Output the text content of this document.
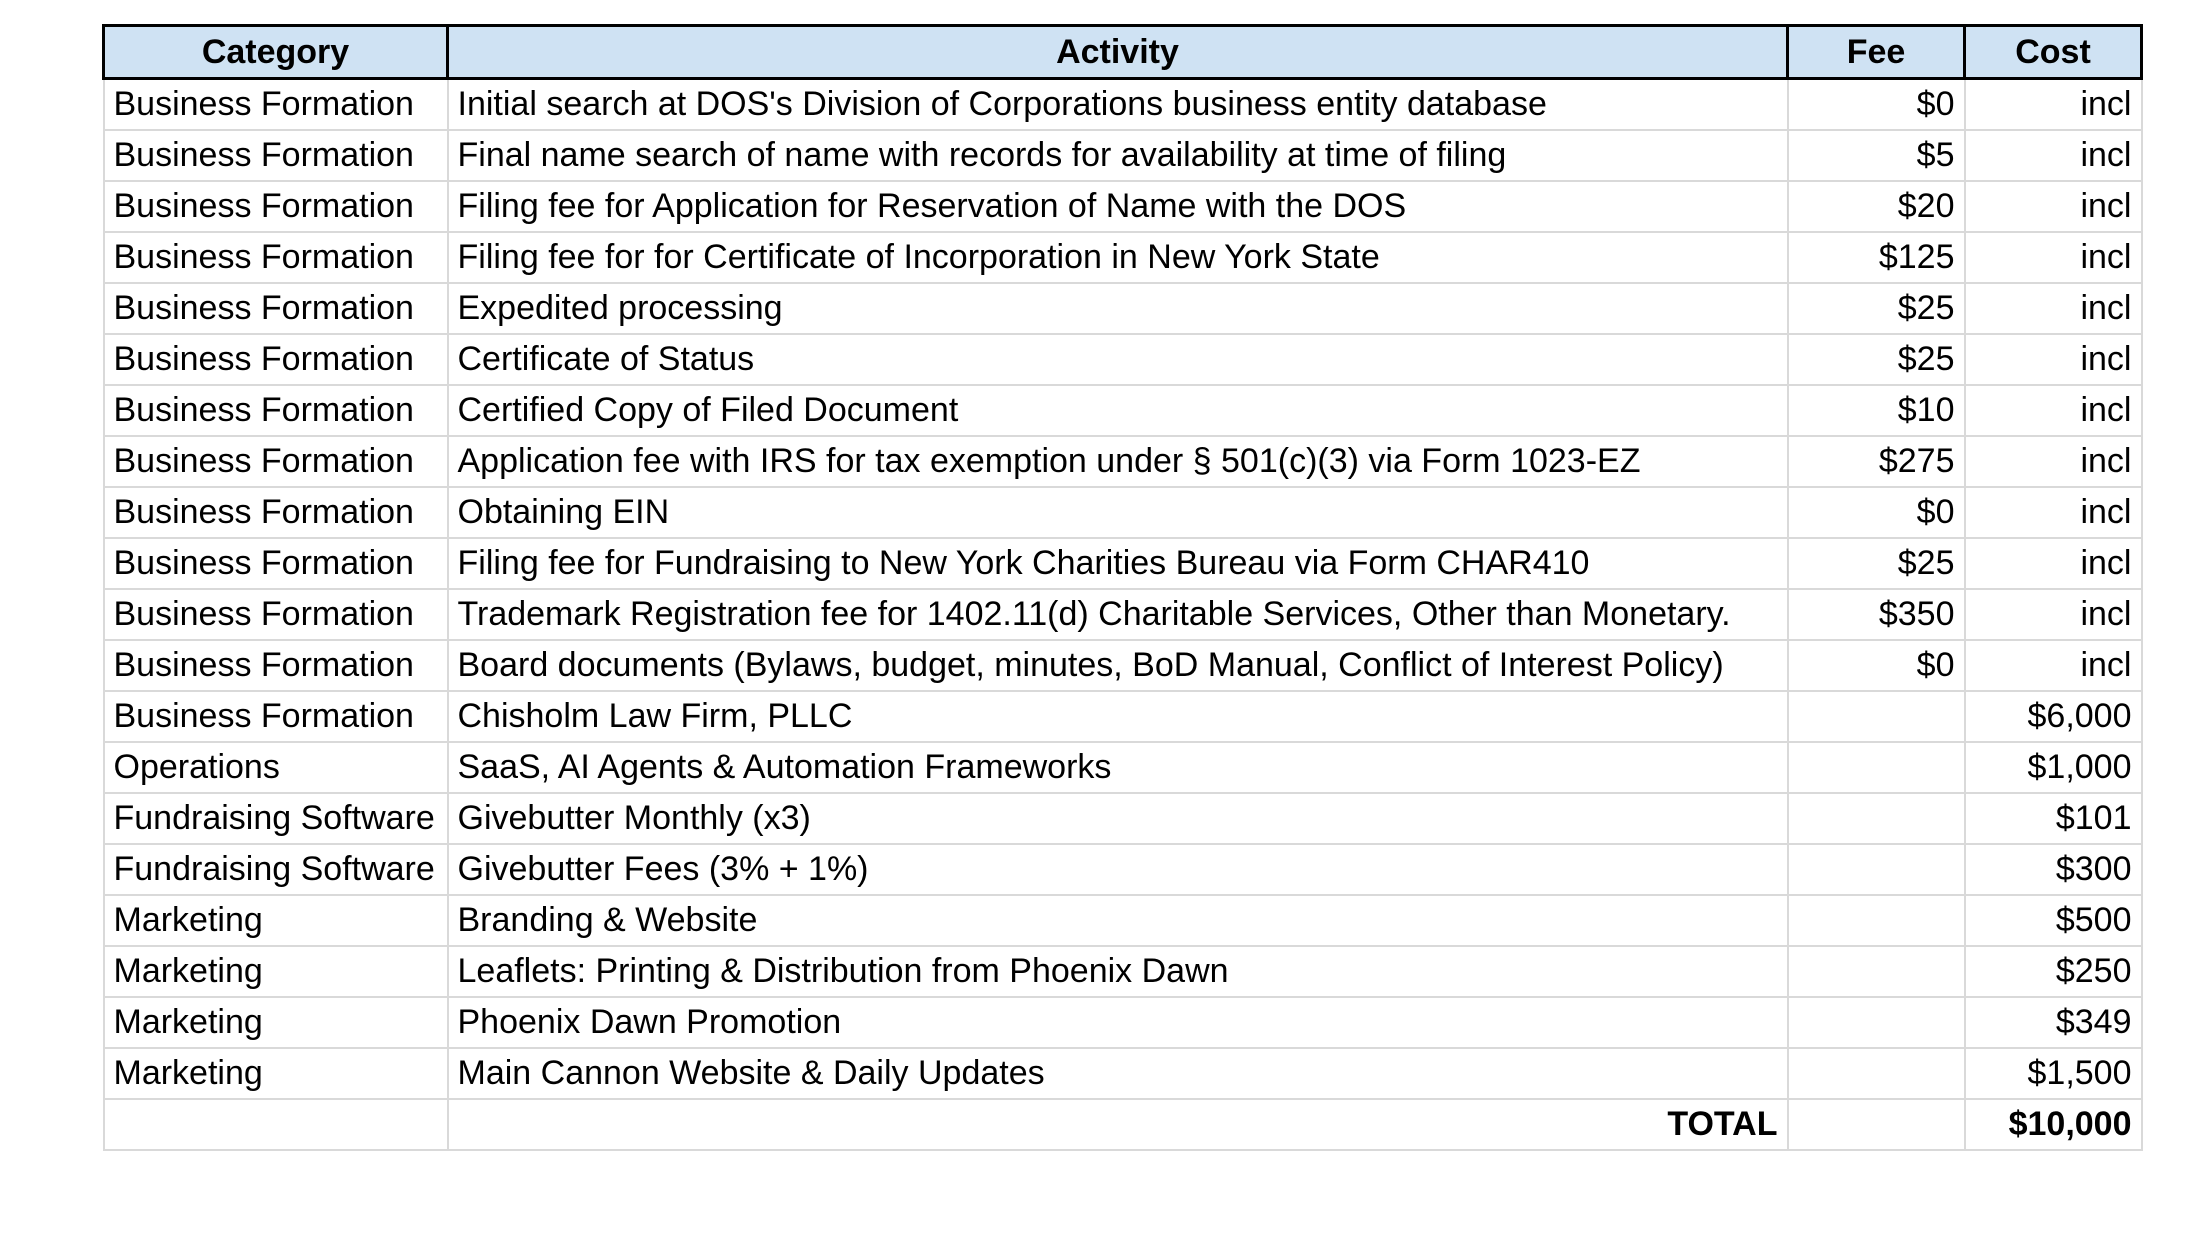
Category	Activity	Fee	Cost
Business Formation	Initial search at DOS's Division of Corporations business entity database	$0	incl
Business Formation	Final name search of name with records for availability at time of filing	$5	incl
Business Formation	Filing fee for Application for Reservation of Name with the DOS	$20	incl
Business Formation	Filing fee for for Certificate of Incorporation in New York State	$125	incl
Business Formation	Expedited processing	$25	incl
Business Formation	Certificate of Status	$25	incl
Business Formation	Certified Copy of Filed Document	$10	incl
Business Formation	Application fee with IRS for tax exemption under § 501(c)(3) via Form 1023-EZ	$275	incl
Business Formation	Obtaining EIN	$0	incl
Business Formation	Filing fee for Fundraising to New York Charities Bureau via Form CHAR410	$25	incl
Business Formation	Trademark Registration fee for 1402.11(d) Charitable Services, Other than Monetary.	$350	incl
Business Formation	Board documents (Bylaws, budget, minutes, BoD Manual, Conflict of Interest Policy)	$0	incl
Business Formation	Chisholm Law Firm, PLLC		$6,000
Operations	SaaS, AI Agents & Automation Frameworks		$1,000
Fundraising Software	Givebutter Monthly (x3)		$101
Fundraising Software	Givebutter Fees (3% + 1%)		$300
Marketing	Branding & Website		$500
Marketing	Leaflets: Printing & Distribution from Phoenix Dawn		$250
Marketing	Phoenix Dawn Promotion		$349
Marketing	Main Cannon Website & Daily Updates		$1,500
	TOTAL		$10,000
